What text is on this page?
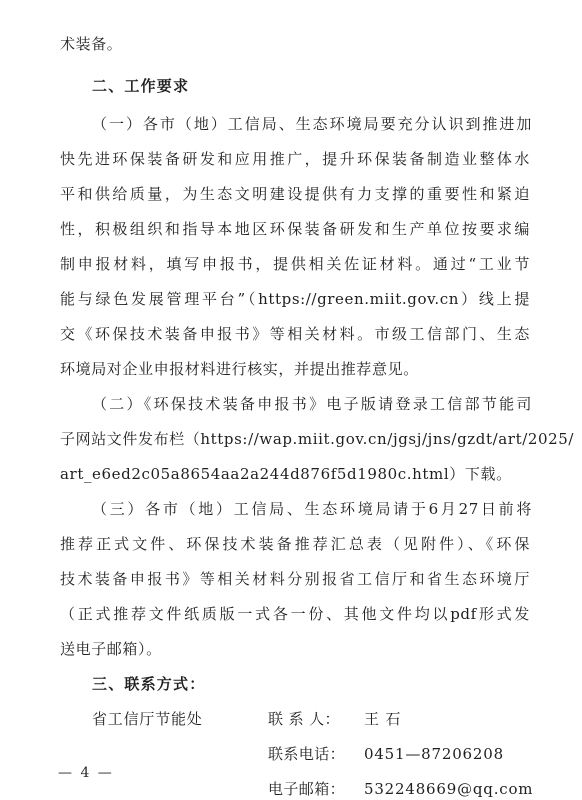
术装备。
二、工作要求
（一）各市（地）工信局、生态环境局要充分认识到推进加
快先进环保装备研发和应用推广，提升环保装备制造业整体水
平和供给质量，为生态文明建设提供有力支撑的重要性和紧迫
性，积极组织和指导本地区环保装备研发和生产单位按要求编
制申报材料，填写申报书，提供相关佐证材料。通过“工业节
能与绿色发展管理平台”（https://green.miit.gov.cn）线上提
交《环保技术装备申报书》等相关材料。市级工信部门、生态
环境局对企业申报材料进行核实，并提出推荐意见。
（二）《环保技术装备申报书》电子版请登录工信部节能司
子网站文件发布栏（https://wap.miit.gov.cn/jgsj/jns/gzdt/art/2025/
art_e6ed2c05a8654aa2a244d876f5d1980c.html）下载。
（三）各市（地）工信局、生态环境局请于6月27日前将
推荐正式文件、环保技术装备推荐汇总表（见附件）、《环保
技术装备申报书》等相关材料分别报省工信厅和省生态环境厅
（正式推荐文件纸质版一式各一份、其他文件均以pdf形式发
送电子邮箱）。
三、联系方式：
省工信厅节能处	联 系 人： 王 石
联系电话： 0451—87206208
电子邮箱： 532248669@qq.com
— 4 —
